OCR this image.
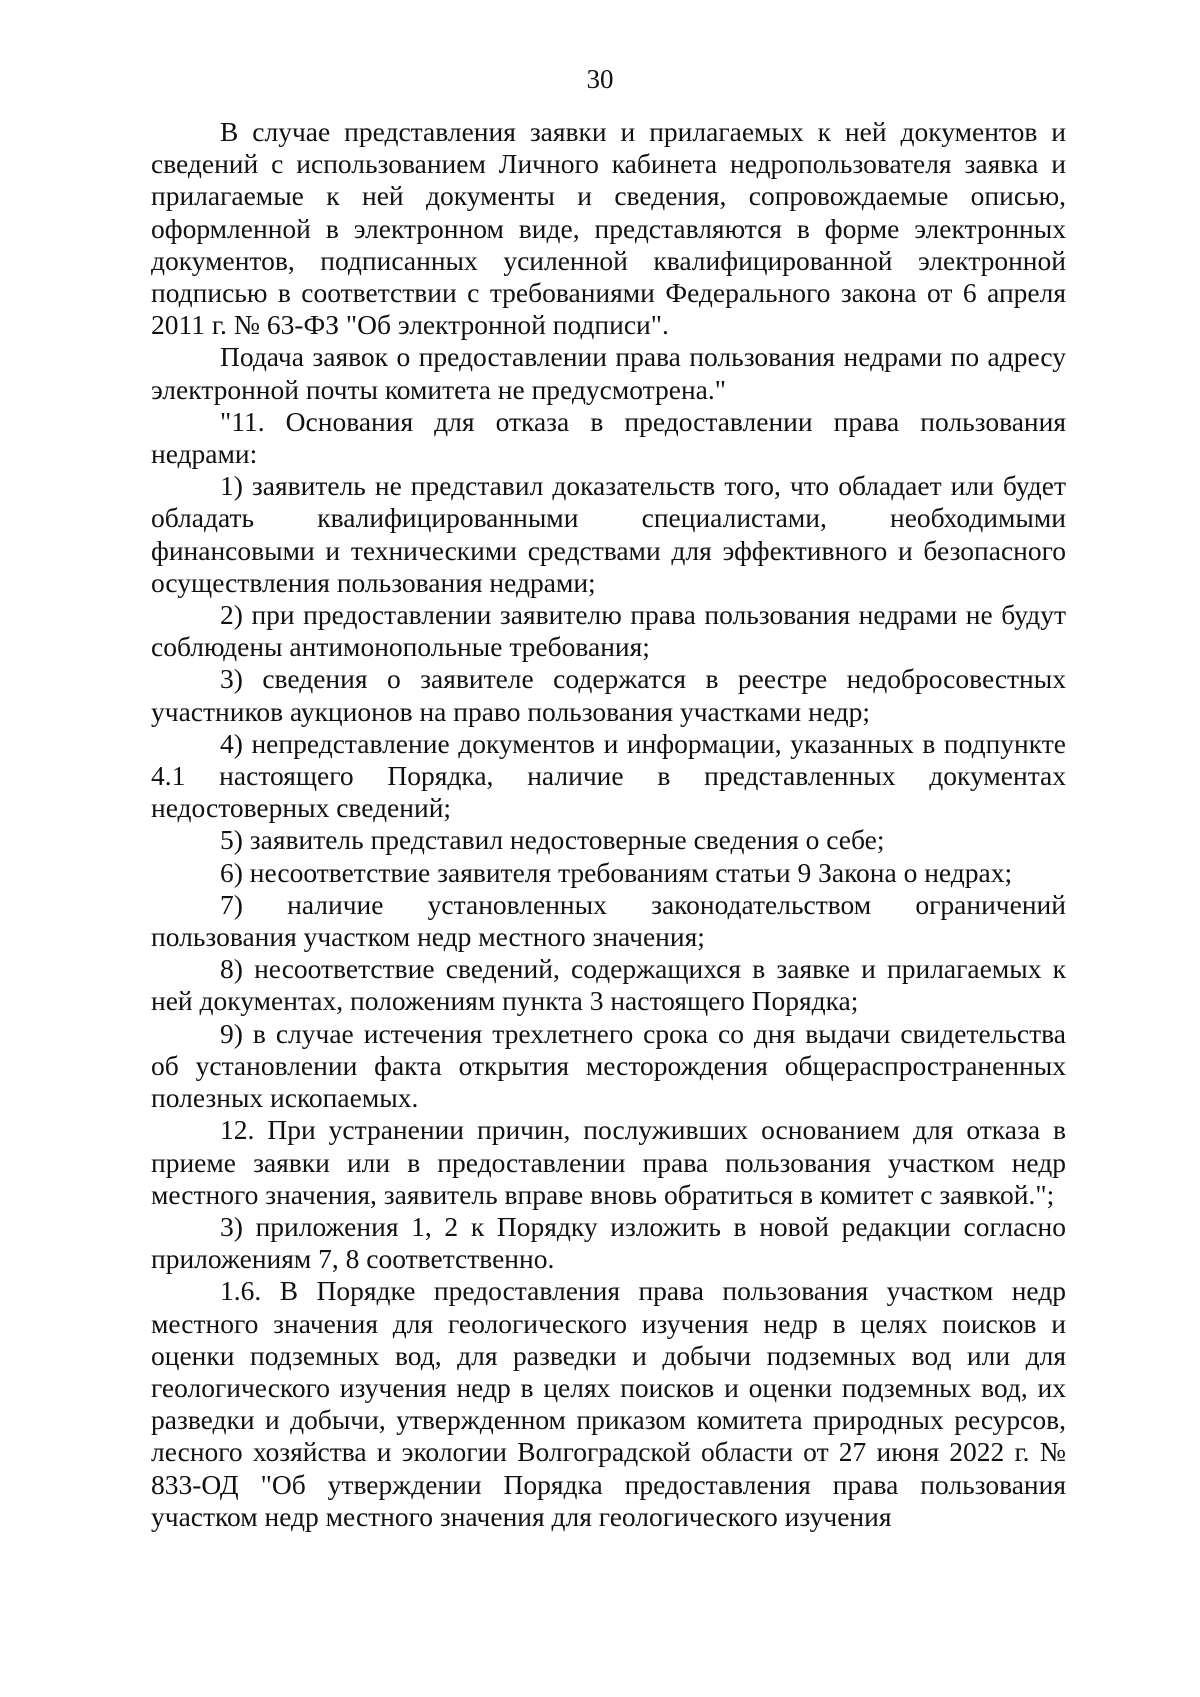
30

В случае представления заявки и прилагаемых к ней документов и сведений с использованием Личного кабинета недропользователя заявка и прилагаемые к ней документы и сведения, сопровождаемые описью, оформленной в электронном виде, представляются в форме электронных документов, подписанных усиленной квалифицированной электронной подписью в соответствии с требованиями Федерального закона от 6 апреля 2011 г. № 63-ФЗ "Об электронной подписи".

Подача заявок о предоставлении права пользования недрами по адресу электронной почты комитета не предусмотрена."

"11. Основания для отказа в предоставлении права пользования недрами:

1) заявитель не представил доказательств того, что обладает или будет обладать квалифицированными специалистами, необходимыми финансовыми и техническими средствами для эффективного и безопасного осуществления пользования недрами;

2) при предоставлении заявителю права пользования недрами не будут соблюдены антимонопольные требования;

3) сведения о заявителе содержатся в реестре недобросовестных участников аукционов на право пользования участками недр;

4) непредставление документов и информации, указанных в подпункте 4.1 настоящего Порядка, наличие в представленных документах недостоверных сведений;

5) заявитель представил недостоверные сведения о себе;

6) несоответствие заявителя требованиям статьи 9 Закона о недрах;

7) наличие установленных законодательством ограничений пользования участком недр местного значения;

8) несоответствие сведений, содержащихся в заявке и прилагаемых к ней документах, положениям пункта 3 настоящего Порядка;

9) в случае истечения трехлетнего срока со дня выдачи свидетельства об установлении факта открытия месторождения общераспространенных полезных ископаемых.

12. При устранении причин, послуживших основанием для отказа в приеме заявки или в предоставлении права пользования участком недр местного значения, заявитель вправе вновь обратиться в комитет с заявкой.";

3) приложения 1, 2 к Порядку изложить в новой редакции согласно приложениям 7, 8 соответственно.

1.6. В Порядке предоставления права пользования участком недр местного значения для геологического изучения недр в целях поисков и оценки подземных вод, для разведки и добычи подземных вод или для геологического изучения недр в целях поисков и оценки подземных вод, их разведки и добычи, утвержденном приказом комитета природных ресурсов, лесного хозяйства и экологии Волгоградской области от 27 июня 2022 г. № 833-ОД "Об утверждении Порядка предоставления права пользования участком недр местного значения для геологического изучения
